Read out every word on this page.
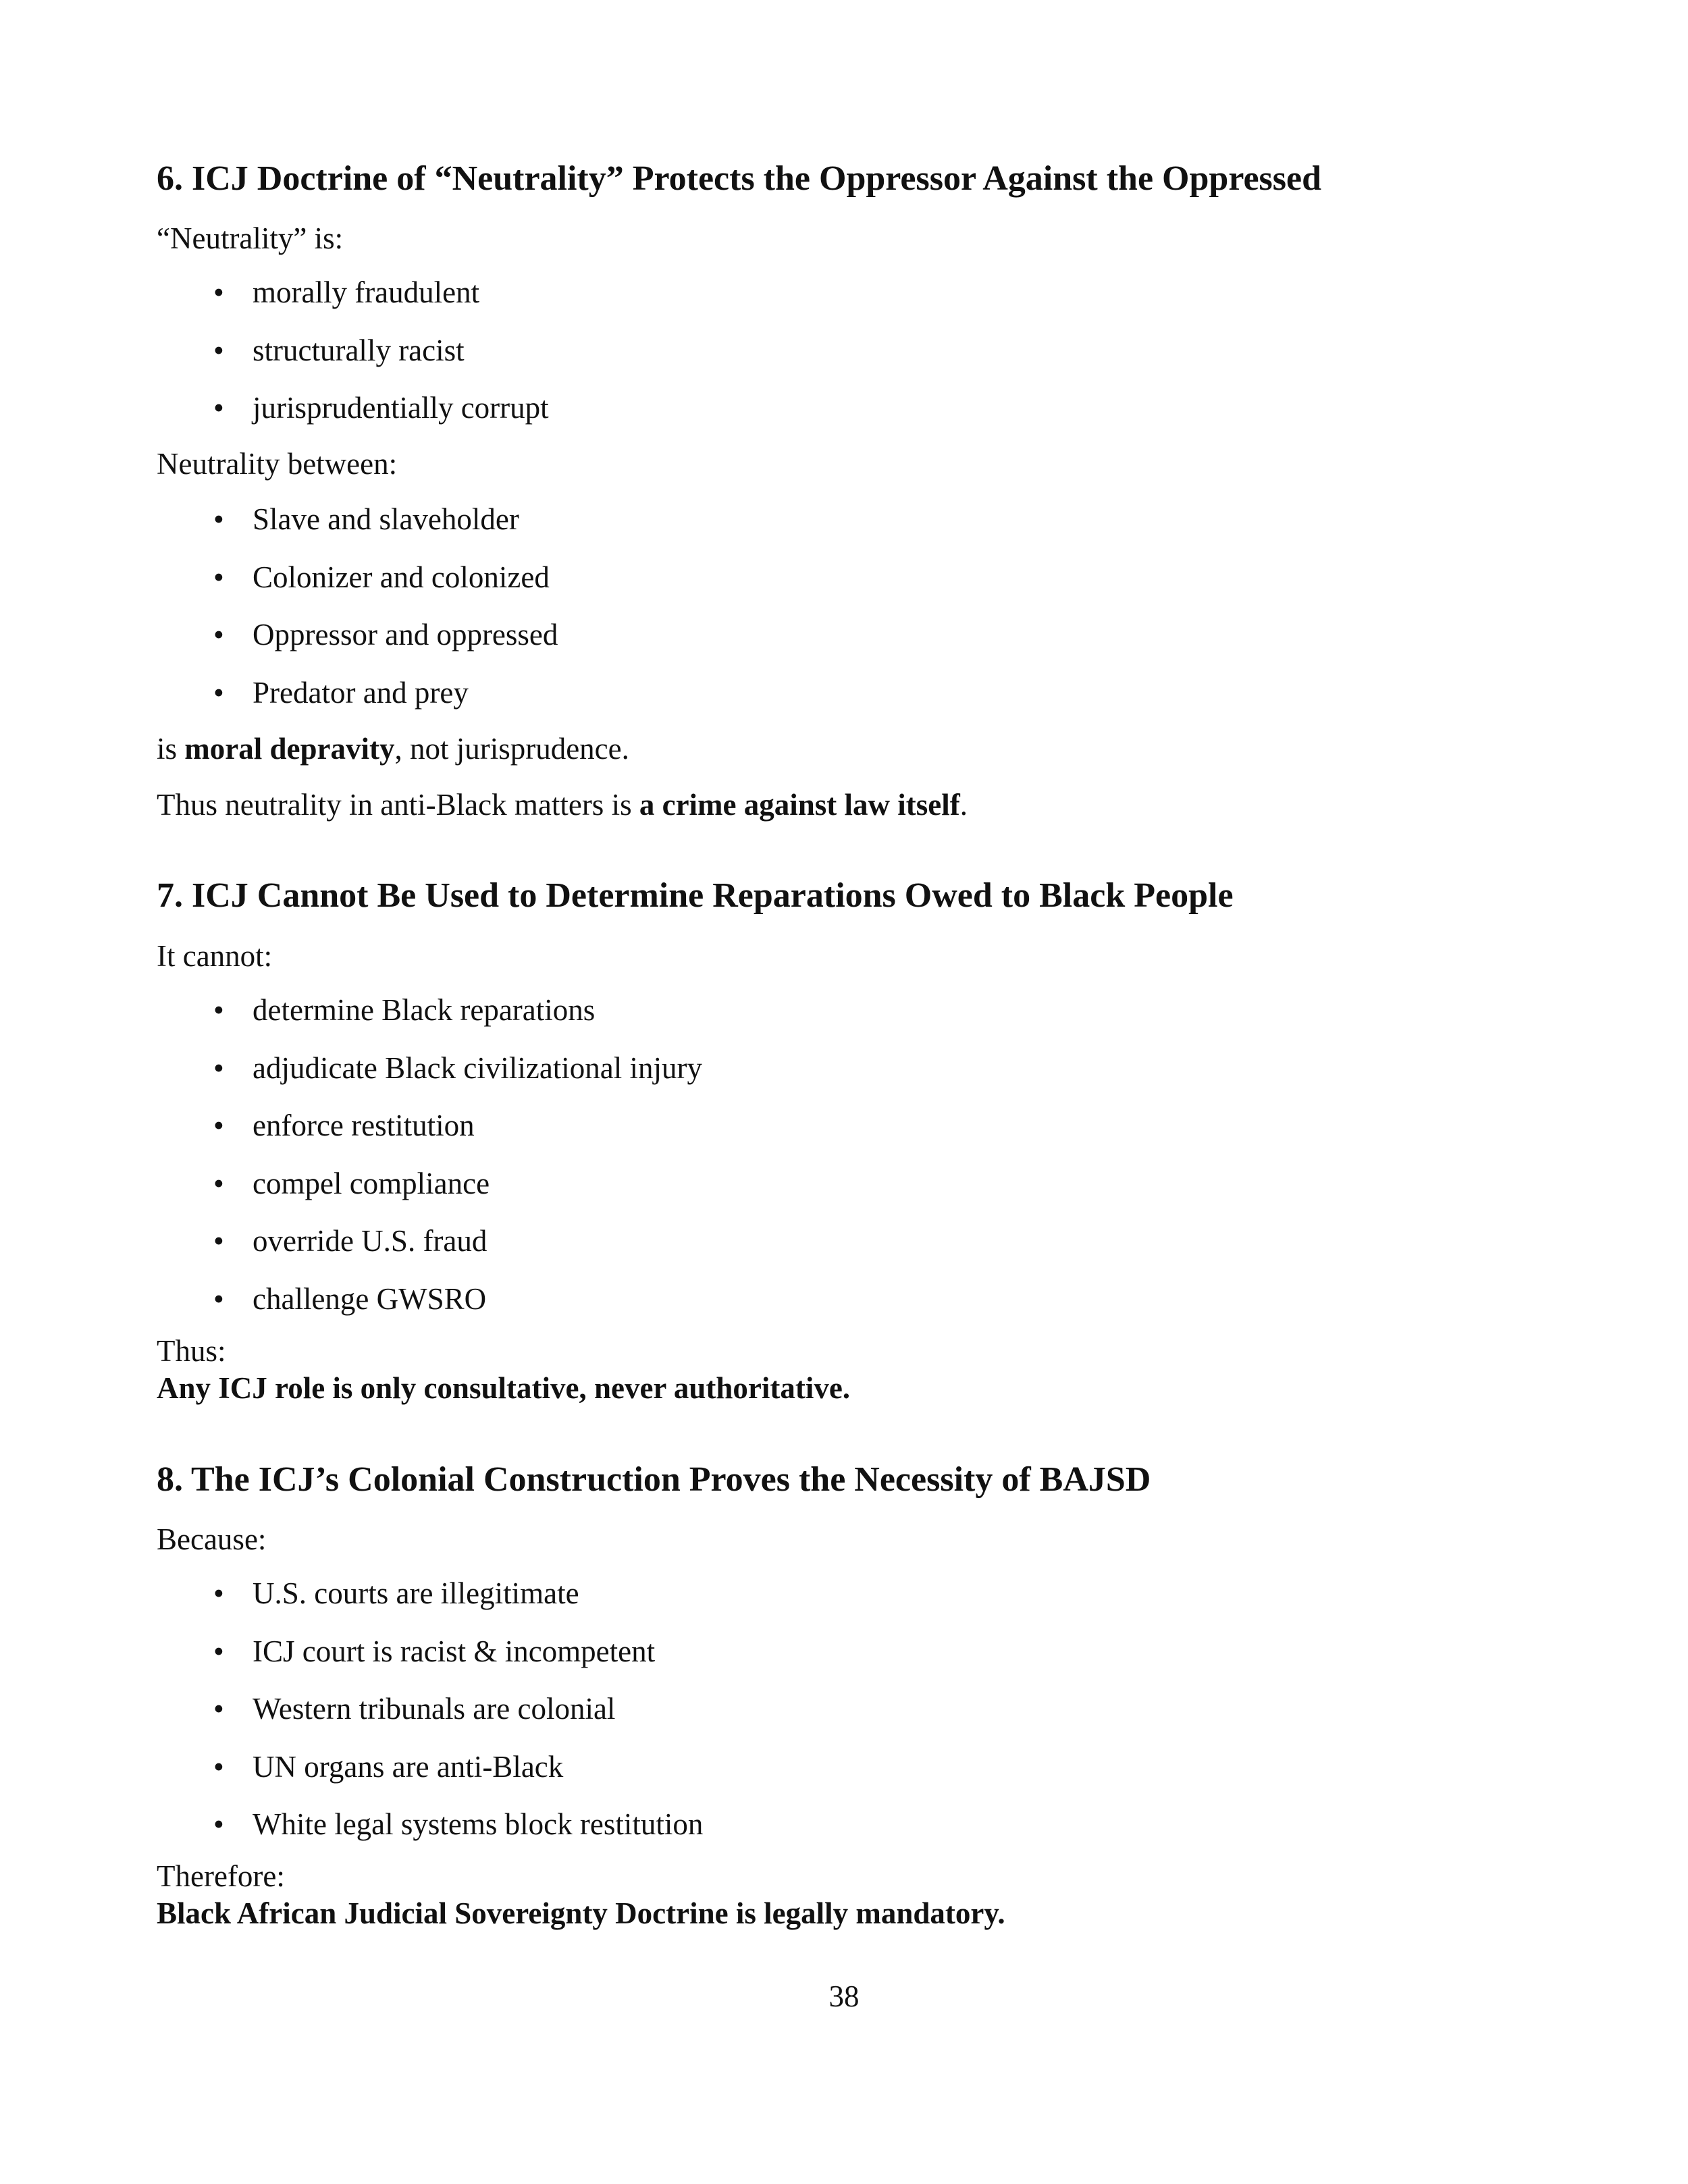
6. ICJ Doctrine of “Neutrality” Protects the Oppressor Against the Oppressed

“Neutrality” is:

• morally fraudulent
• structurally racist
• jurisprudentially corrupt

Neutrality between:

• Slave and slaveholder
• Colonizer and colonized
• Oppressor and oppressed
• Predator and prey

is moral depravity, not jurisprudence.

Thus neutrality in anti-Black matters is a crime against law itself.

7. ICJ Cannot Be Used to Determine Reparations Owed to Black People

It cannot:

• determine Black reparations
• adjudicate Black civilizational injury
• enforce restitution
• compel compliance
• override U.S. fraud
• challenge GWSRO

Thus:

Any ICJ role is only consultative, never authoritative.

8. The ICJ’s Colonial Construction Proves the Necessity of BAJSD

Because:

• U.S. courts are illegitimate
• ICJ court is racist & incompetent
• Western tribunals are colonial
• UN organs are anti-Black
• White legal systems block restitution

Therefore:

Black African Judicial Sovereignty Doctrine is legally mandatory.

38
